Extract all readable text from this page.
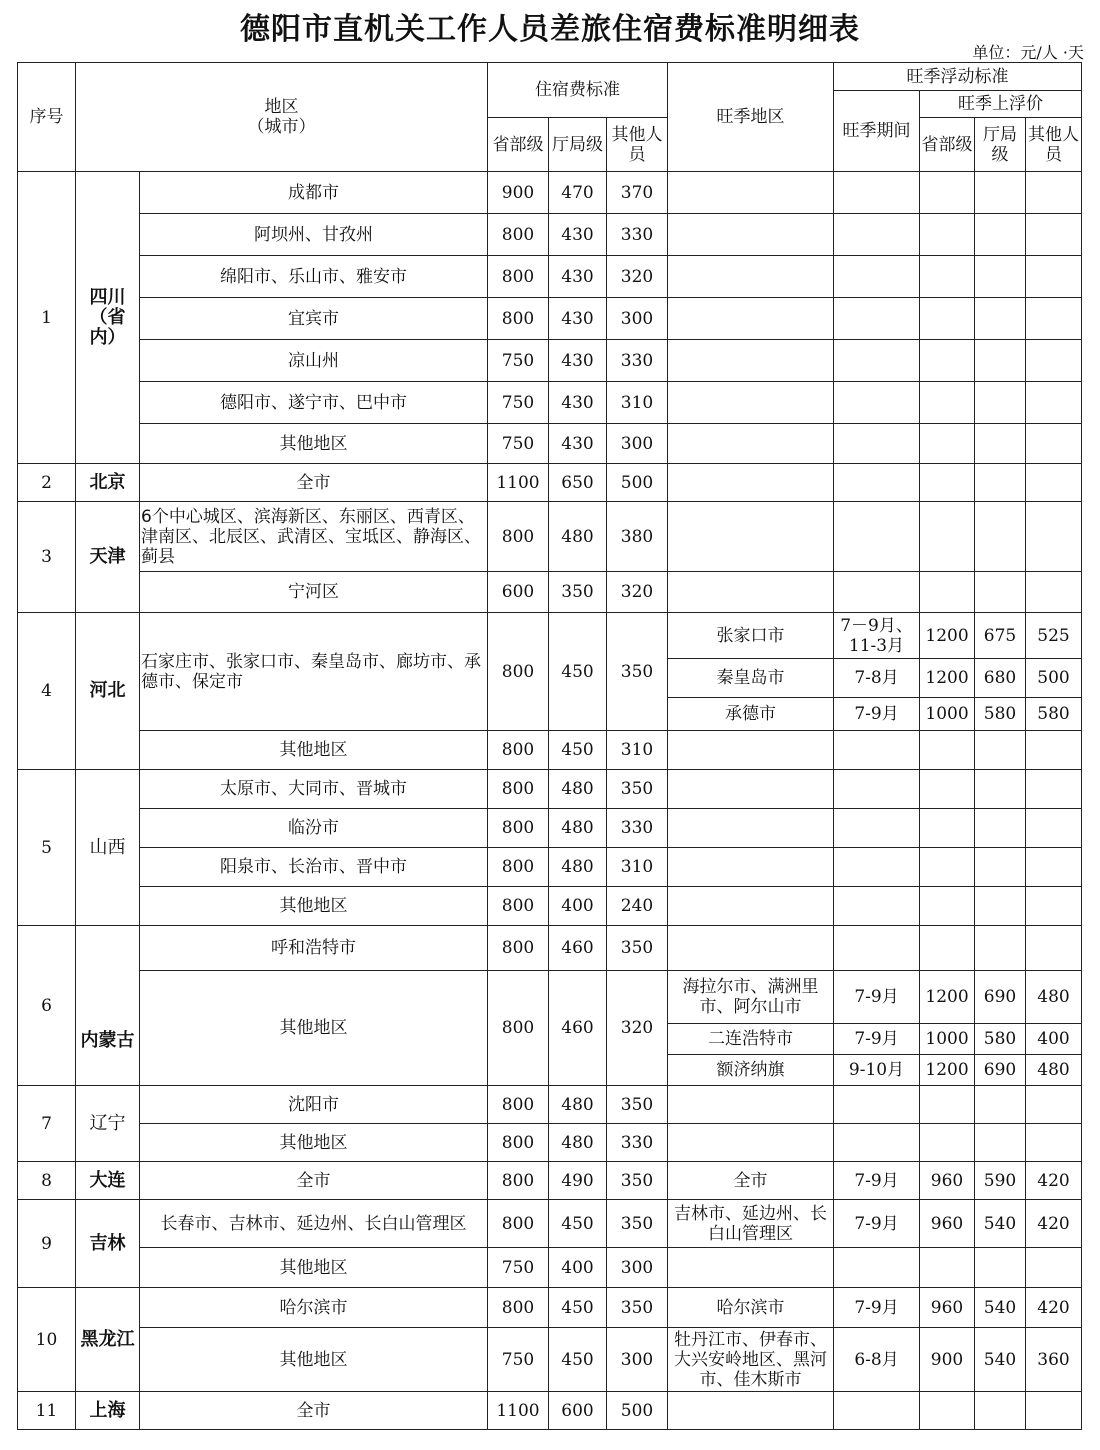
德阳市直机关工作人员差旅住宿费标准明细表
单位：元/人 ·天
序号	地区
（城市）		住宿费标准			旺季地区	旺季浮动标准			
							旺季期间	旺季上浮价		
			省部级	厅局级	其他人员			省部级	厅局级	其他人员
1	四川（省内）	成都市	900	470	370					
		阿坝州、甘孜州	800	430	330					
		绵阳市、乐山市、雅安市	800	430	320					
		宜宾市	800	430	300					
		凉山州	750	430	330					
		德阳市、遂宁市、巴中市	750	430	310					
		其他地区	750	430	300					
2	北京	全市	1100	650	500					
3	天津	6个中心城区、滨海新区、东丽区、西青区、津南区、北辰区、武清区、宝坻区、静海区、蓟县	800	480	380					
		宁河区	600	350	320					
4	河北	石家庄市、张家口市、秦皇岛市、廊坊市、承德市、保定市	800	450	350	张家口市	7－9月、11-3月	1200	675	525
						秦皇岛市	7-8月	1200	680	500
						承德市	7-9月	1000	580	580
		其他地区	800	450	310					
5	山西	太原市、大同市、晋城市	800	480	350					
		临汾市	800	480	330					
		阳泉市、长治市、晋中市	800	480	310					
		其他地区	800	400	240					
6	内蒙古	呼和浩特市	800	460	350					
		其他地区	800	460	320	海拉尔市、满洲里市、阿尔山市	7-9月	1200	690	480
						二连浩特市	7-9月	1000	580	400
						额济纳旗	9-10月	1200	690	480
7	辽宁	沈阳市	800	480	350					
		其他地区	800	480	330					
8	大连	全市	800	490	350	全市	7-9月	960	590	420
9	吉林	长春市、吉林市、延边州、长白山管理区	800	450	350	吉林市、延边州、长白山管理区	7-9月	960	540	420
		其他地区	750	400	300					
10	黑龙江	哈尔滨市	800	450	350	哈尔滨市	7-9月	960	540	420
		其他地区	750	450	300	牡丹江市、伊春市、大兴安岭地区、黑河市、佳木斯市	6-8月	900	540	360
11	上海	全市	1100	600	500					
